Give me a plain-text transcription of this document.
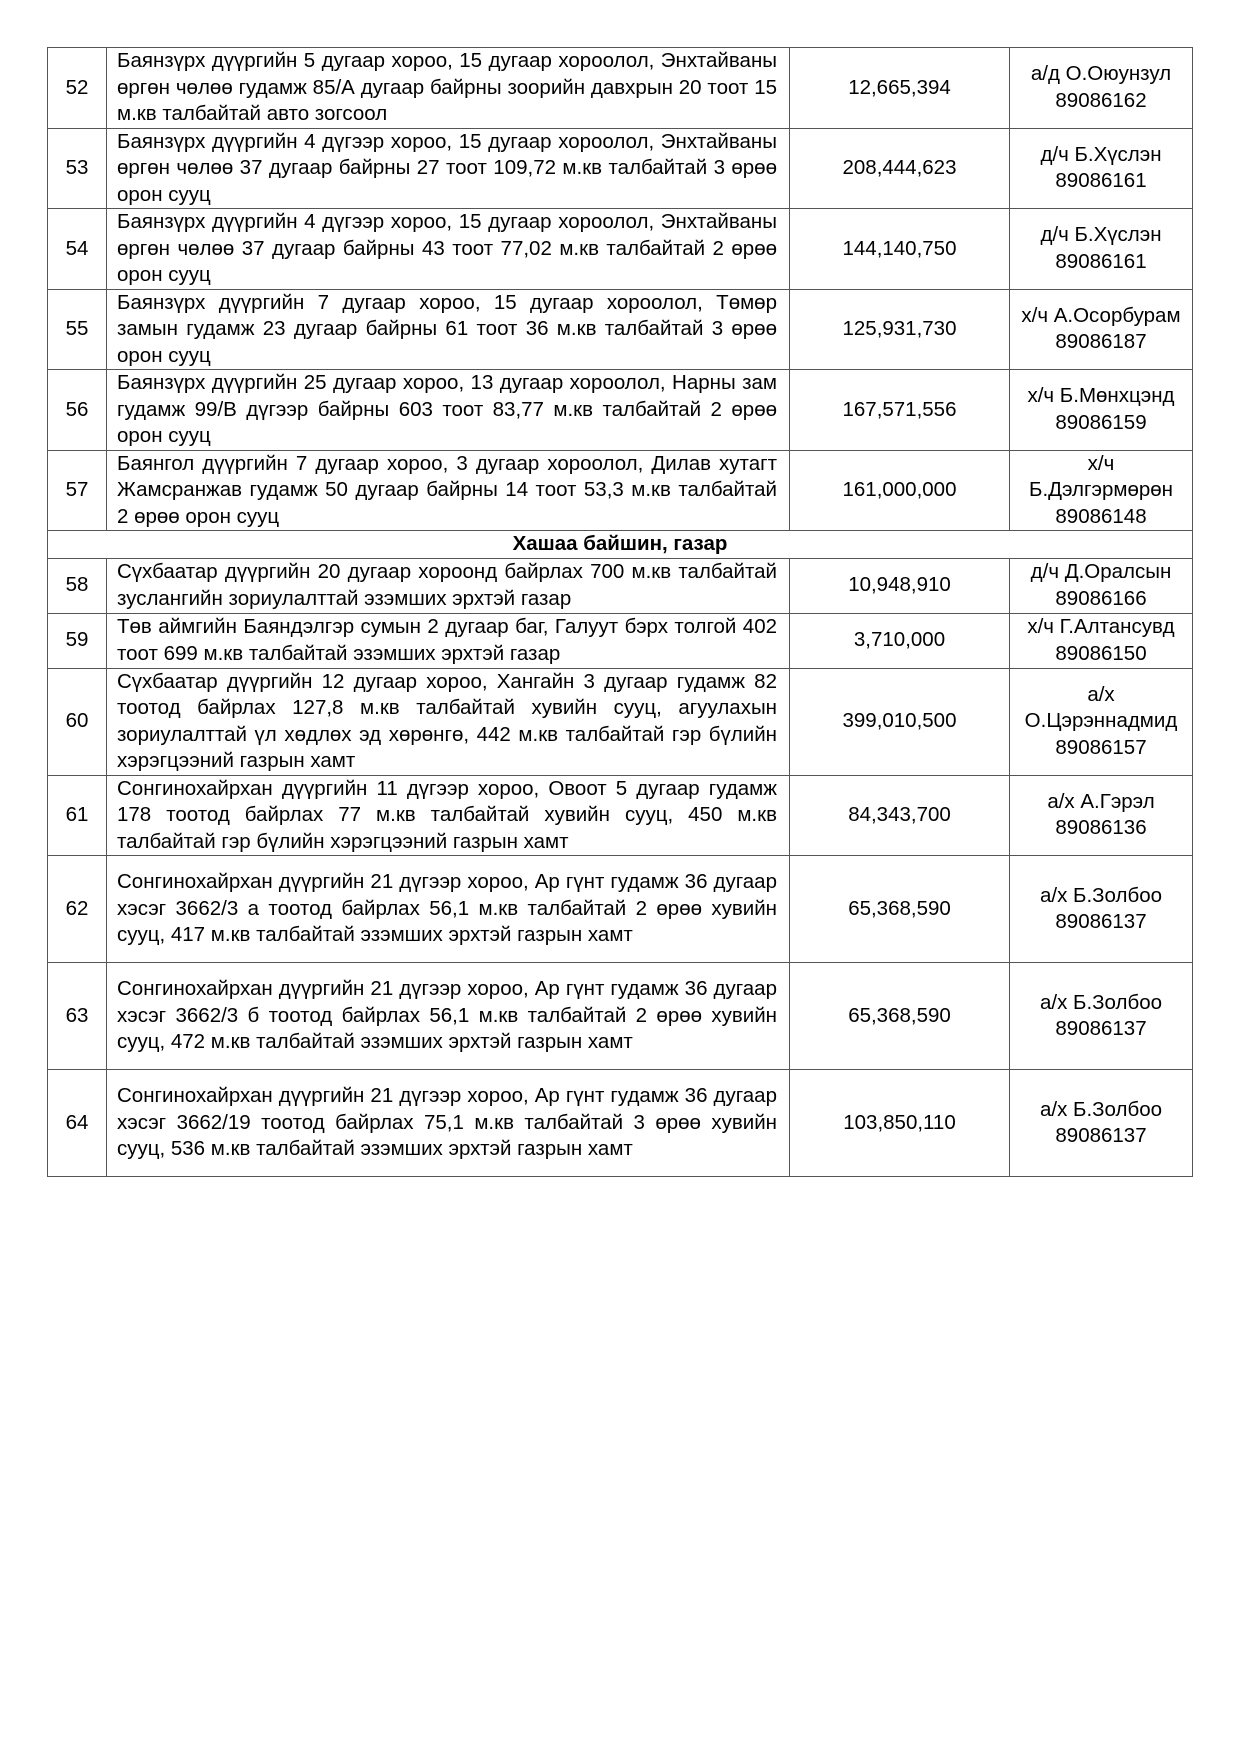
52	Баянзүрх дүүргийн 5 дугаар хороо, 15 дугаар хороолол, Энхтайваны өргөн чөлөө гудамж 85/А дугаар байрны зоорийн давхрын 20 тоот 15 м.кв талбайтай авто зогсоол	12,665,394	а/д О.Оюунзул
89086162

53	Баянзүрх дүүргийн 4 дүгээр хороо, 15 дугаар хороолол, Энхтайваны өргөн чөлөө 37 дугаар байрны 27 тоот 109,72 м.кв талбайтай 3 өрөө орон сууц	208,444,623	д/ч Б.Хүслэн
89086161

54	Баянзүрх дүүргийн 4 дүгээр хороо, 15 дугаар хороолол, Энхтайваны өргөн чөлөө 37 дугаар байрны 43 тоот 77,02 м.кв талбайтай 2 өрөө орон сууц	144,140,750	д/ч Б.Хүслэн
89086161

55	Баянзүрх дүүргийн 7 дугаар хороо, 15 дугаар хороолол, Төмөр замын гудамж 23 дугаар байрны 61 тоот 36 м.кв талбайтай 3 өрөө орон сууц	125,931,730	х/ч А.Осорбурам
89086187

56	Баянзүрх дүүргийн 25 дугаар хороо, 13 дугаар хороолол, Нарны зам гудамж 99/В дүгээр байрны 603 тоот 83,77 м.кв талбайтай 2 өрөө орон сууц	167,571,556	х/ч Б.Мөнхцэнд
89086159

57	Баянгол дүүргийн 7 дугаар хороо, 3 дугаар хороолол, Дилав хутагт Жамсранжав гудамж 50 дугаар байрны 14 тоот 53,3 м.кв талбайтай 2 өрөө орон сууц	161,000,000	х/ч Б.Дэлгэрмөрөн
89086148

Хашаа байшин, газар			
58	Сүхбаатар дүүргийн 20 дугаар хороонд байрлах 700 м.кв талбайтай зуслангийн зориулалттай эзэмших эрхтэй газар	10,948,910	д/ч Д.Оралсын
89086166

59	Төв аймгийн Баяндэлгэр сумын 2 дугаар баг, Галуут бэрх толгой 402 тоот 699 м.кв талбайтай эзэмших эрхтэй газар	3,710,000	х/ч Г.Алтансувд
89086150

60	Сүхбаатар дүүргийн 12 дугаар хороо, Хангайн 3 дугаар гудамж 82 тоотод байрлах 127,8 м.кв талбайтай хувийн сууц, агуулахын зориулалттай үл хөдлөх эд хөрөнгө, 442 м.кв талбайтай гэр бүлийн хэрэгцээний газрын хамт	399,010,500	а/х О.Цэрэннадмид
89086157

61	Сонгинохайрхан дүүргийн 11 дүгээр хороо, Овоот 5 дугаар гудамж 178 тоотод байрлах 77 м.кв талбайтай хувийн сууц, 450 м.кв талбайтай гэр бүлийн хэрэгцээний газрын хамт	84,343,700	а/х А.Гэрэл
89086136

62	Сонгинохайрхан дүүргийн 21 дүгээр хороо, Ар гүнт гудамж 36 дугаар хэсэг 3662/3 а тоотод байрлах 56,1 м.кв талбайтай 2 өрөө хувийн сууц, 417 м.кв талбайтай эзэмших эрхтэй газрын хамт	65,368,590	а/х Б.Золбоо
89086137

63	Сонгинохайрхан дүүргийн 21 дүгээр хороо, Ар гүнт гудамж 36 дугаар хэсэг 3662/3 б тоотод байрлах 56,1 м.кв талбайтай 2 өрөө хувийн сууц, 472 м.кв талбайтай эзэмших эрхтэй газрын хамт	65,368,590	а/х Б.Золбоо
89086137

64	Сонгинохайрхан дүүргийн 21 дүгээр хороо, Ар гүнт гудамж 36 дугаар хэсэг 3662/19 тоотод байрлах 75,1 м.кв талбайтай 3 өрөө хувийн сууц, 536 м.кв талбайтай эзэмших эрхтэй газрын хамт	103,850,110	а/х Б.Золбоо
89086137
